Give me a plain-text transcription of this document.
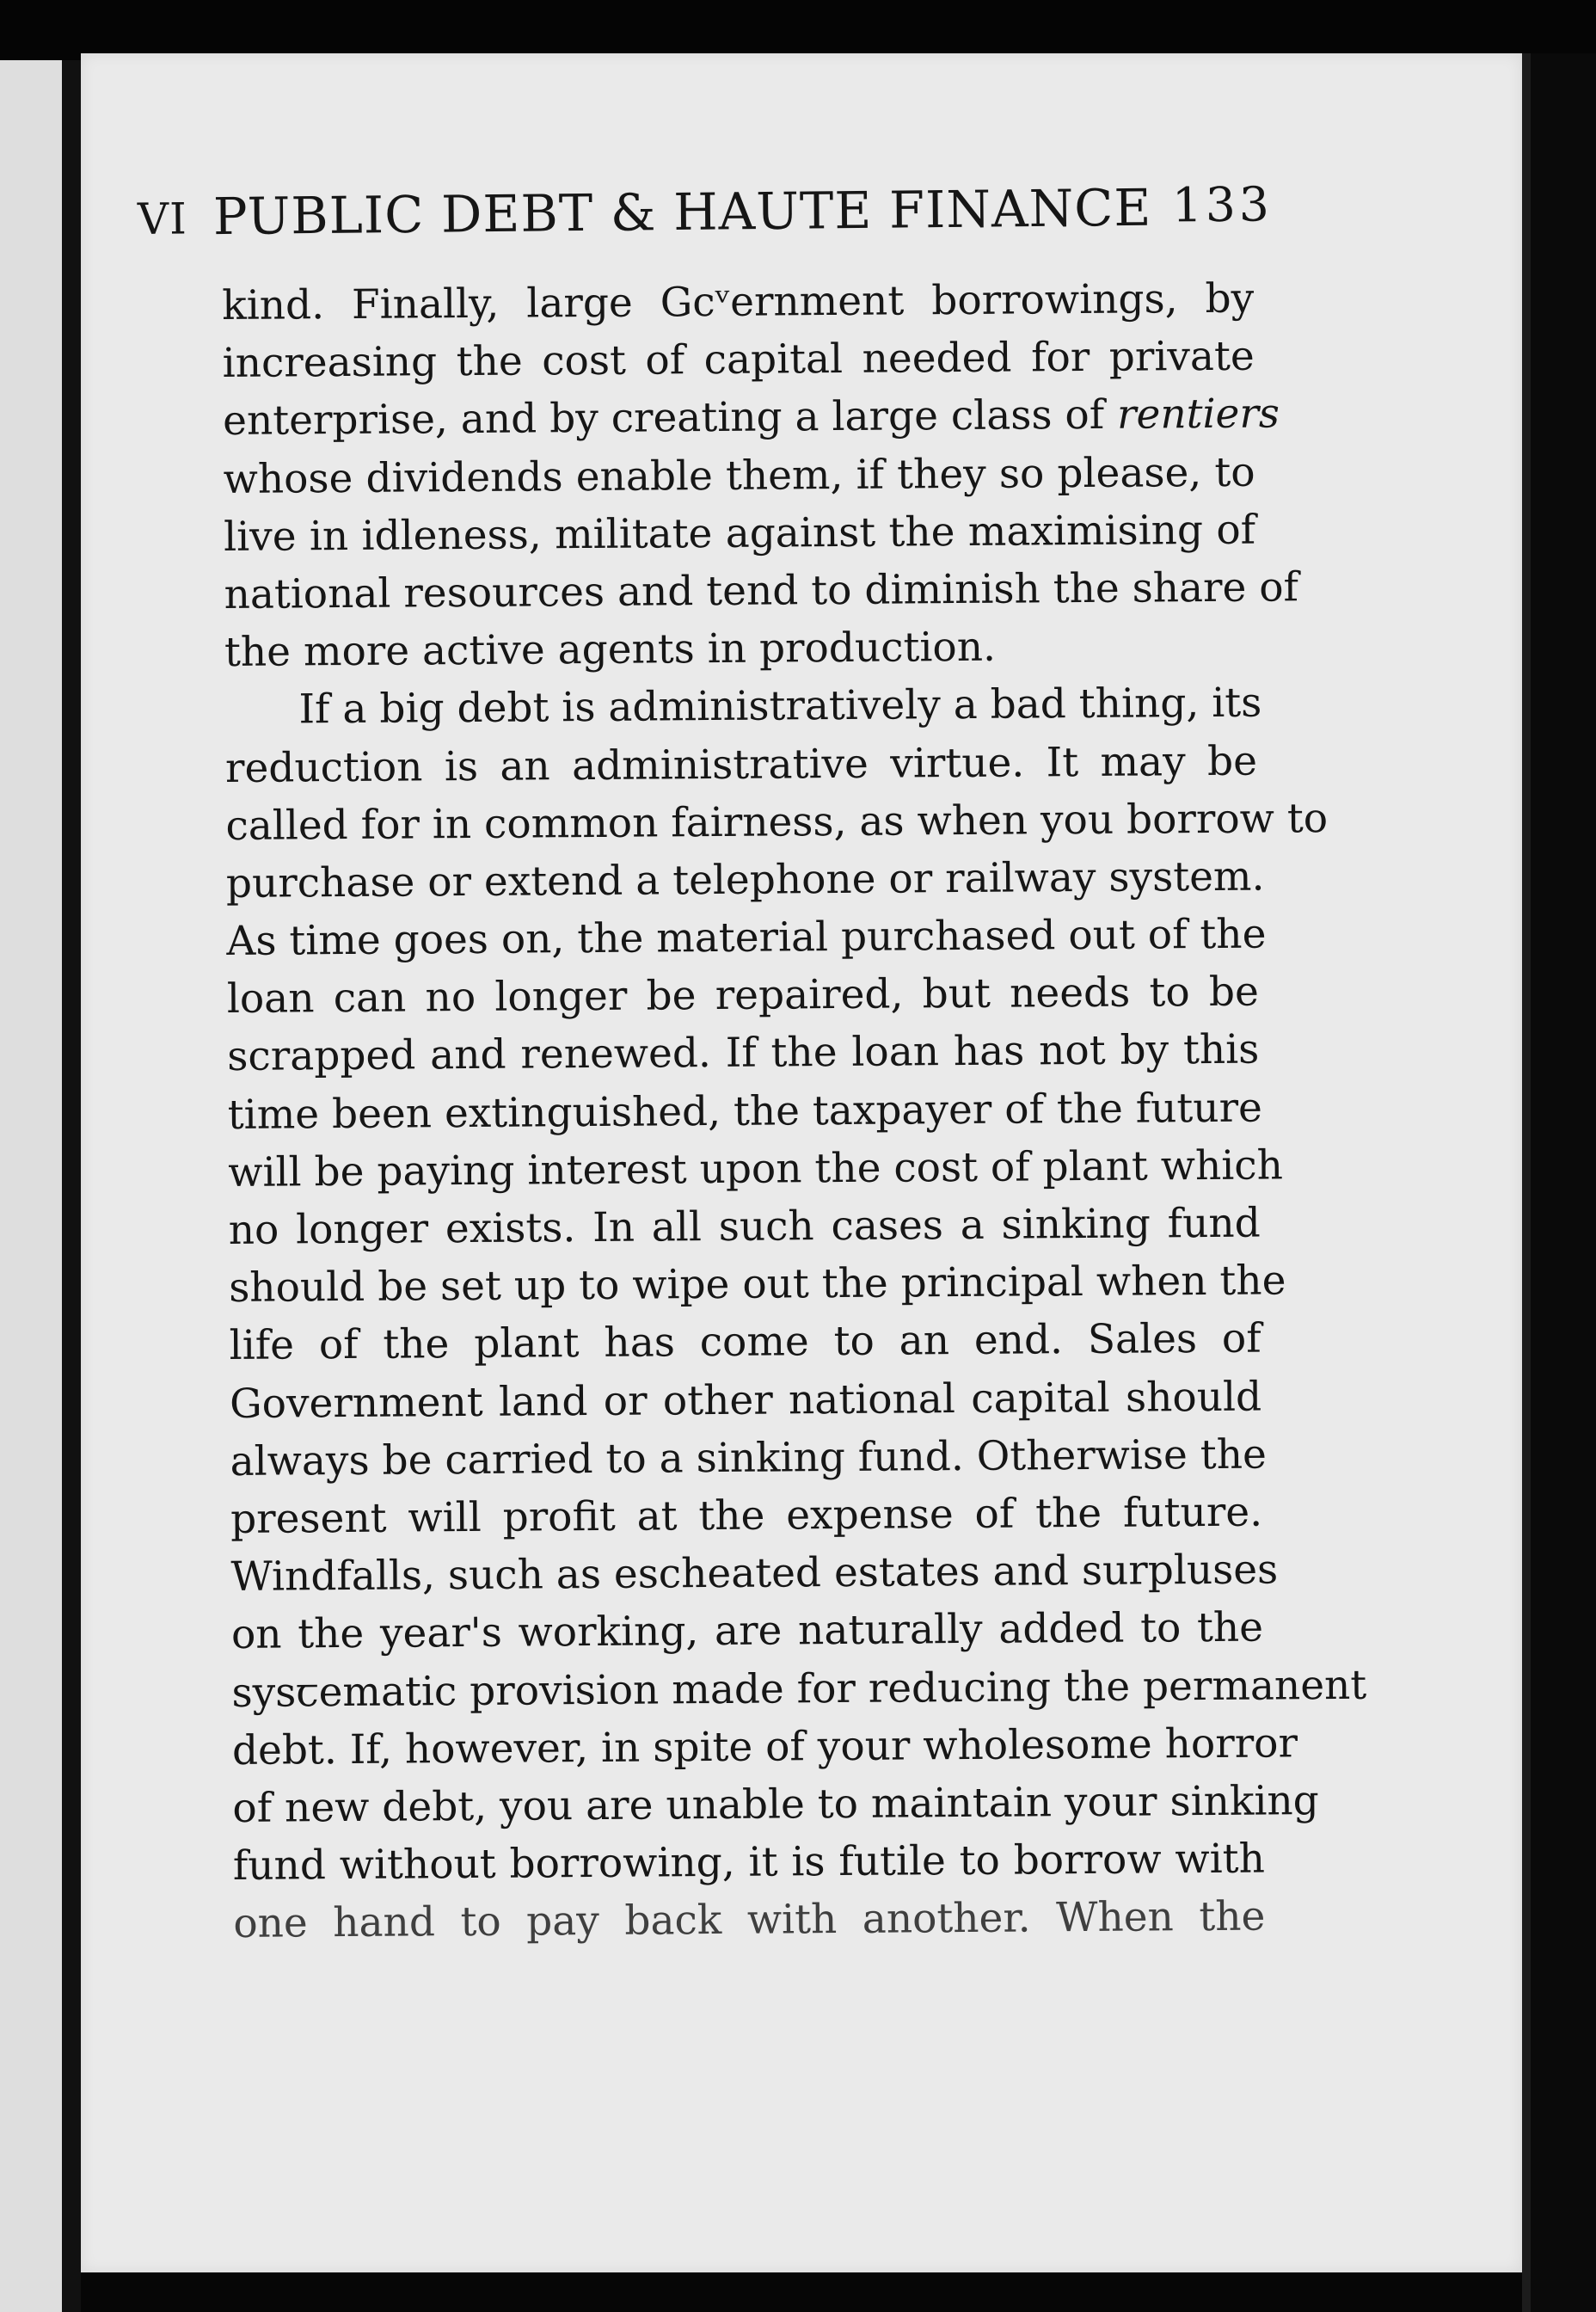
VI PUBLIC DEBT & HAUTE FINANCE 133
kind. Finally, large Gcᵛernment borrowings, by
increasing the cost of capital needed for private
enterprise, and by creating a large class of rentiers
whose dividends enable them, if they so please, to
live in idleness, militate against the maximising of
national resources and tend to diminish the share of
the more active agents in production.
If a big debt is administratively a bad thing, its
reduction is an administrative virtue. It may be
called for in common fairness, as when you borrow to
purchase or extend a telephone or railway system.
As time goes on, the material purchased out of the
loan can no longer be repaired, but needs to be
scrapped and renewed. If the loan has not by this
time been extinguished, the taxpayer of the future
will be paying interest upon the cost of plant which
no longer exists. In all such cases a sinking fund
should be set up to wipe out the principal when the
life of the plant has come to an end. Sales of
Government land or other national capital should
always be carried to a sinking fund. Otherwise the
present will profit at the expense of the future.
Windfalls, such as escheated estates and surpluses
on the year's working, are naturally added to the
sysꞇematic provision made for reducing the permanent
debt. If, however, in spite of your wholesome horror
of new debt, you are unable to maintain your sinking
fund without borrowing, it is futile to borrow with
one hand to pay back with another. When the
